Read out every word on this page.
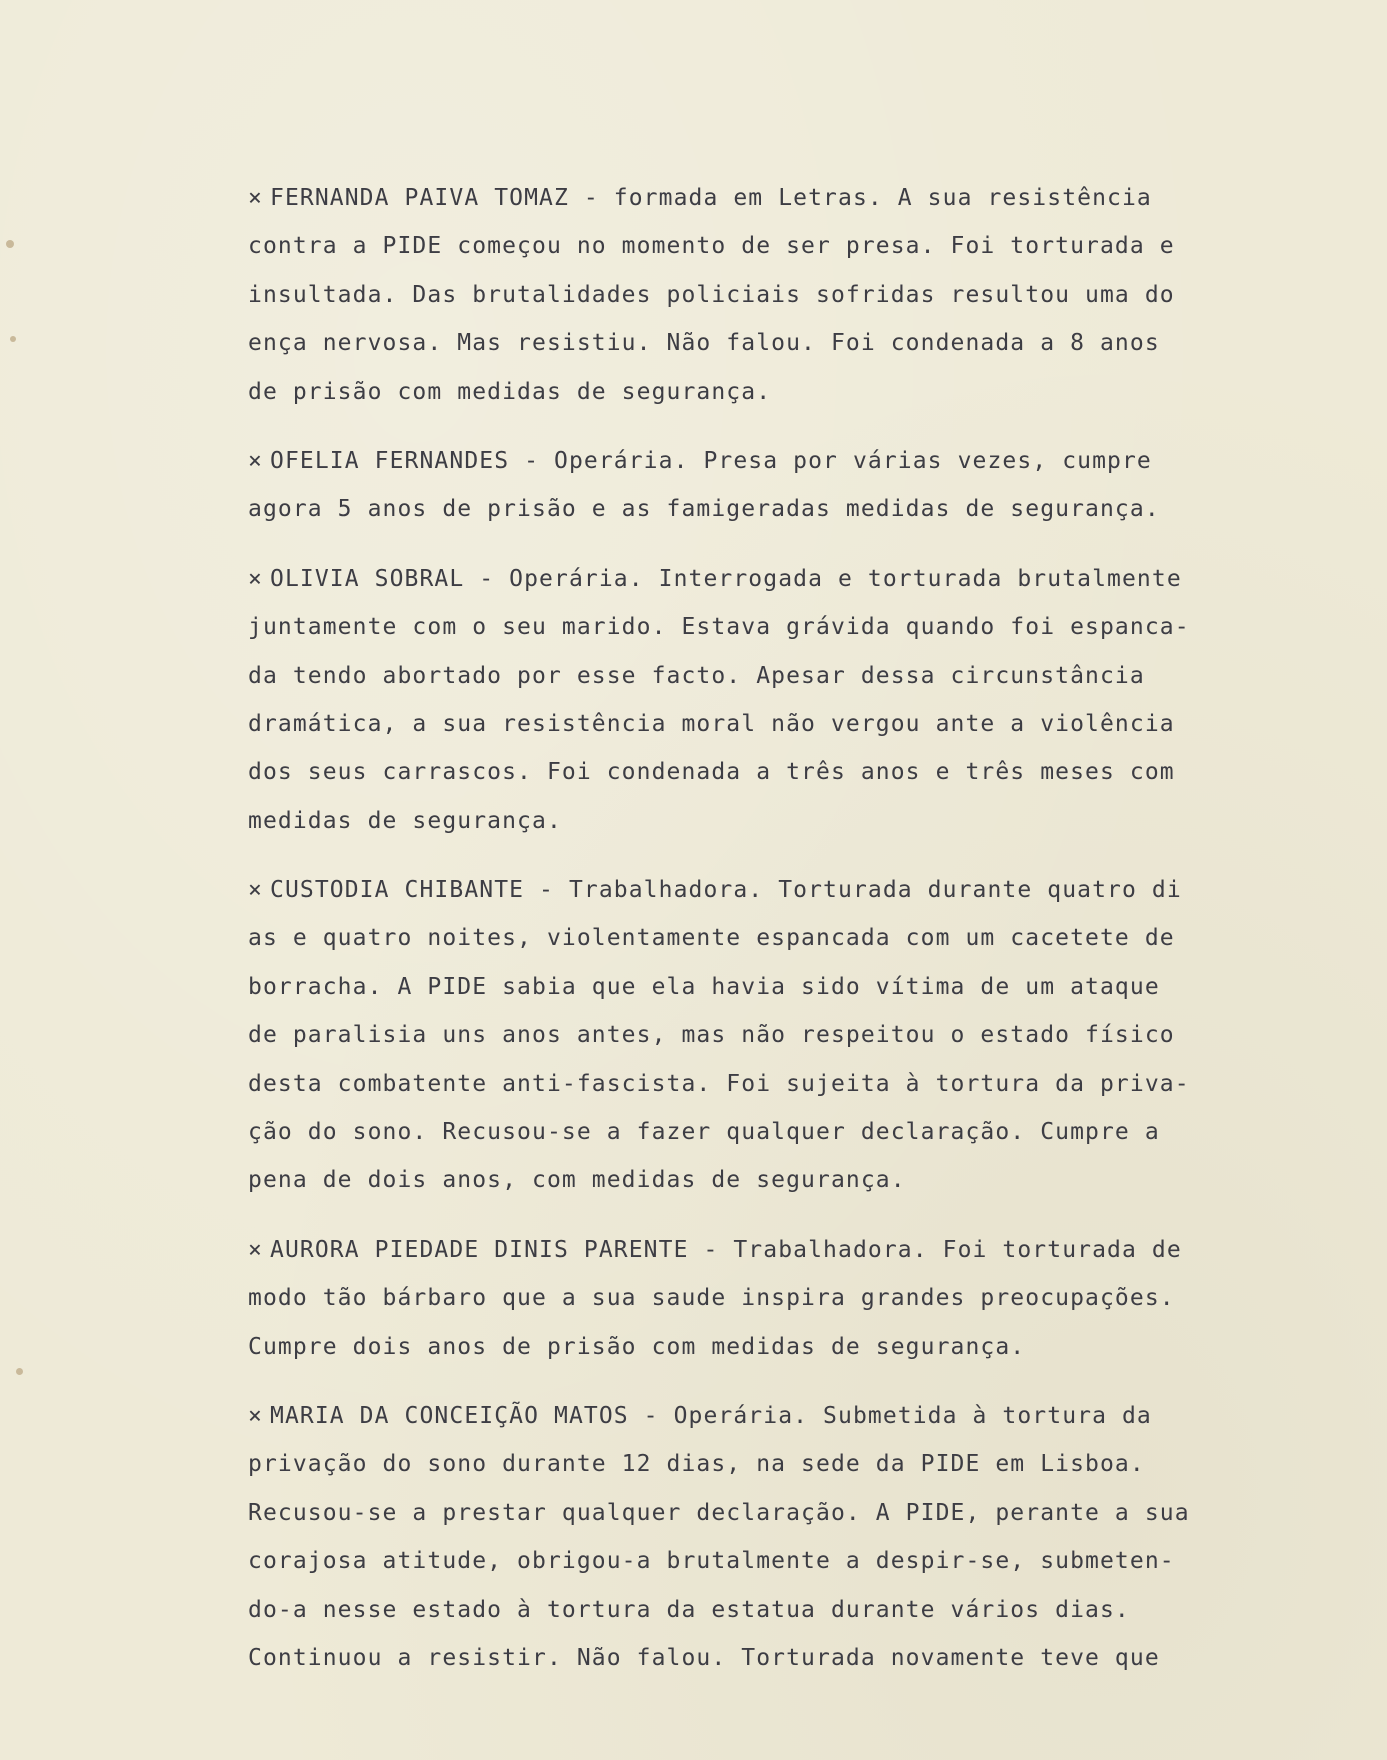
× FERNANDA PAIVA TOMAZ - formada em Letras. A sua resistência
contra a PIDE começou no momento de ser presa. Foi torturada e
insultada. Das brutalidades policiais sofridas resultou uma do
ença nervosa. Mas resistiu. Não falou. Foi condenada a 8 anos
de prisão com medidas de segurança.
× OFELIA FERNANDES - Operária. Presa por várias vezes, cumpre
agora 5 anos de prisão e as famigeradas medidas de segurança.
× OLIVIA SOBRAL - Operária. Interrogada e torturada brutalmente
juntamente com o seu marido. Estava grávida quando foi espanca-
da tendo abortado por esse facto. Apesar dessa circunstância
dramática, a sua resistência moral não vergou ante a violência
dos seus carrascos. Foi condenada a três anos e três meses com
medidas de segurança.
× CUSTODIA CHIBANTE - Trabalhadora. Torturada durante quatro di
as e quatro noites, violentamente espancada com um cacetete de
borracha. A PIDE sabia que ela havia sido vítima de um ataque
de paralisia uns anos antes, mas não respeitou o estado físico
desta combatente anti-fascista. Foi sujeita à tortura da priva-
ção do sono. Recusou-se a fazer qualquer declaração. Cumpre a
pena de dois anos, com medidas de segurança.
× AURORA PIEDADE DINIS PARENTE - Trabalhadora. Foi torturada de
modo tão bárbaro que a sua saude inspira grandes preocupações.
Cumpre dois anos de prisão com medidas de segurança.
× MARIA DA CONCEIÇÃO MATOS - Operária. Submetida à tortura da
privação do sono durante 12 dias, na sede da PIDE em Lisboa.
Recusou-se a prestar qualquer declaração. A PIDE, perante a sua
corajosa atitude, obrigou-a brutalmente a despir-se, submeten-
do-a nesse estado à tortura da estatua durante vários dias.
Continuou a resistir. Não falou. Torturada novamente teve que
